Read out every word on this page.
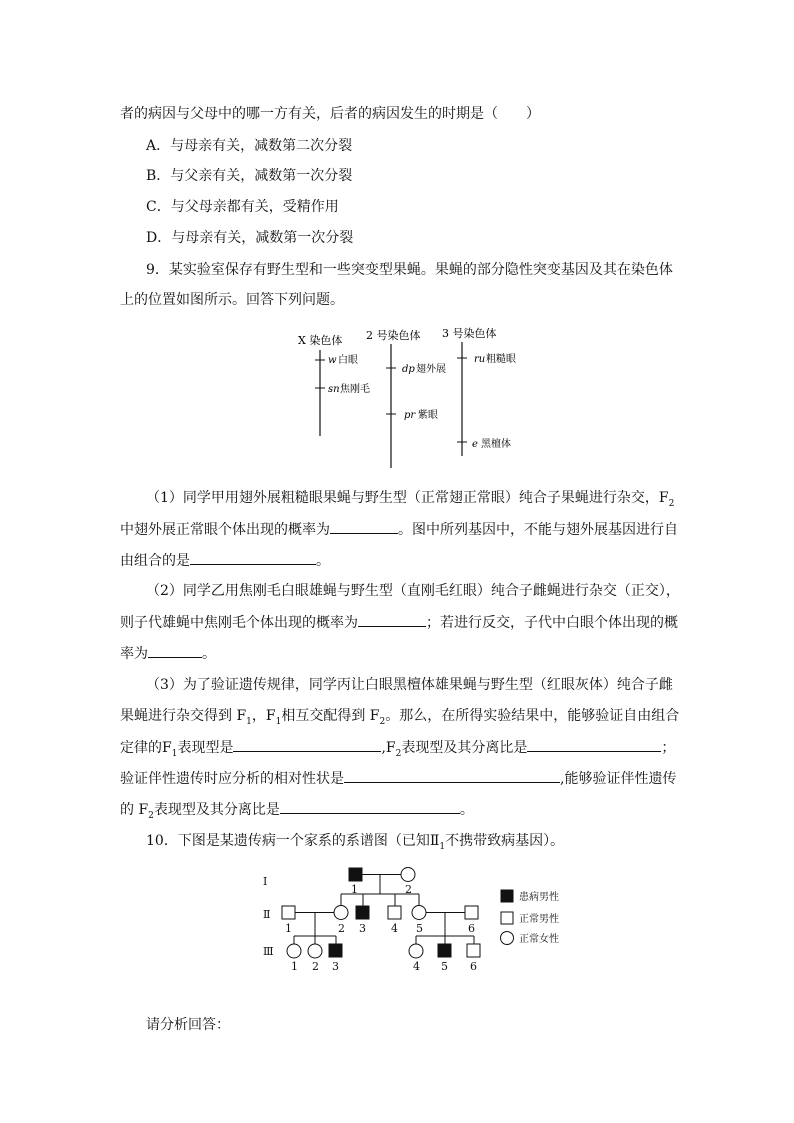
者的病因与父母中的哪一方有关，后者的病因发生的时期是（　　）
A．与母亲有关，减数第二次分裂
B．与父亲有关，减数第一次分裂
C．与父母亲都有关，受精作用
D．与母亲有关，减数第一次分裂
9．某实验室保存有野生型和一些突变型果蝇。果蝇的部分隐性突变基因及其在染色体
上的位置如图所示。回答下列问题。
X 染色体
w 白眼
sn 焦刚毛
2 号染色体
dp 翅外展
pr 紫眼
3 号染色体
ru 粗糙眼
e 黑檀体
（1）同学甲用翅外展粗糙眼果蝇与野生型（正常翅正常眼）纯合子果蝇进行杂交，$F_2$
中翅外展正常眼个体出现的概率为	。图中所列基因中，不能与翅外展基因进行自
由组合的是	。
（2）同学乙用焦刚毛白眼雄蝇与野生型（直刚毛红眼）纯合子雌蝇进行杂交（正交），
则子代雄蝇中焦刚毛个体出现的概率为	；若进行反交，子代中白眼个体出现的概
率为	。
（3）为了验证遗传规律，同学丙让白眼黑檀体雄果蝇与野生型（红眼灰体）纯合子雌
果蝇进行杂交得到 $F_1$，$F_1$相互交配得到 $F_2$。那么，在所得实验结果中，能够验证自由组合
定律的$F_1$表现型是	$,F_2$表现型及其分离比是	；
验证伴性遗传时应分析的相对性状是	,能够验证伴性遗传
的 $F_2$表现型及其分离比是	。
10．下图是某遗传病一个家系的系谱图（已知$Ⅱ_1$不携带致病基因）。
Ⅰ
Ⅱ
Ⅲ
1	2
1	2 3 4 5	6
1 2 3	4 5 6
患病男性
正常男性
正常女性
请分析回答：
